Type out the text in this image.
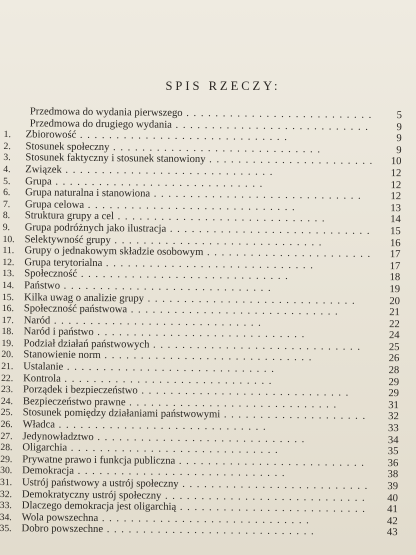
SPIS RZECZY:
Przedmowa do wydania pierwszego . .	5
Przedmowa do drugiego wydania . .	9
1.	Zbiorowość . .	9
2.	Stosunek społeczny . .	9
3.	Stosunek faktyczny i stosunek stanowiony . .	10
4.	Związek . .	12
5.	Grupa . .	12
6.	Grupa naturalna i stanowiona . .	12
7.	Grupa celowa . .	13
8.	Struktura grupy a cel . .	14
9.	Grupa podróżnych jako ilustracja . .	15
10. Selektywność grupy . .	16
11. Grupy o jednakowym składzie osobowym . .	17
12. Grupa terytorialna . .	17
13. Społeczność . .	18
14. Państwo . .	19
15. Kilka uwag o analizie grupy . .	20
16. Społeczność państwowa . .	21
17. Naród . .	22
18. Naród i państwo . .	24
19. Podział działań państwowych . .	25
20. Stanowienie norm . .	26
21. Ustalanie . .	28
22. Kontrola . .	29
23. Porządek i bezpieczeństwo . .	29
24. Bezpieczeństwo prawne . .	31
25. Stosunek pomiędzy działaniami państwowymi . .	32
26. Władca . .	33
27. Jedynowładztwo . .	34
28. Oligarchia . .	35
29. Prywatne prawo i funkcja publiczna . .	36
30. Demokracja . .	38
31. Ustrój państwowy a ustrój społeczny . .	39
32. Demokratyczny ustrój społeczny . .	40
33. Dlaczego demokracja jest oligarchią . .	41
34. Wola powszechna . .	42
35. Dobro powszechne . .	43
